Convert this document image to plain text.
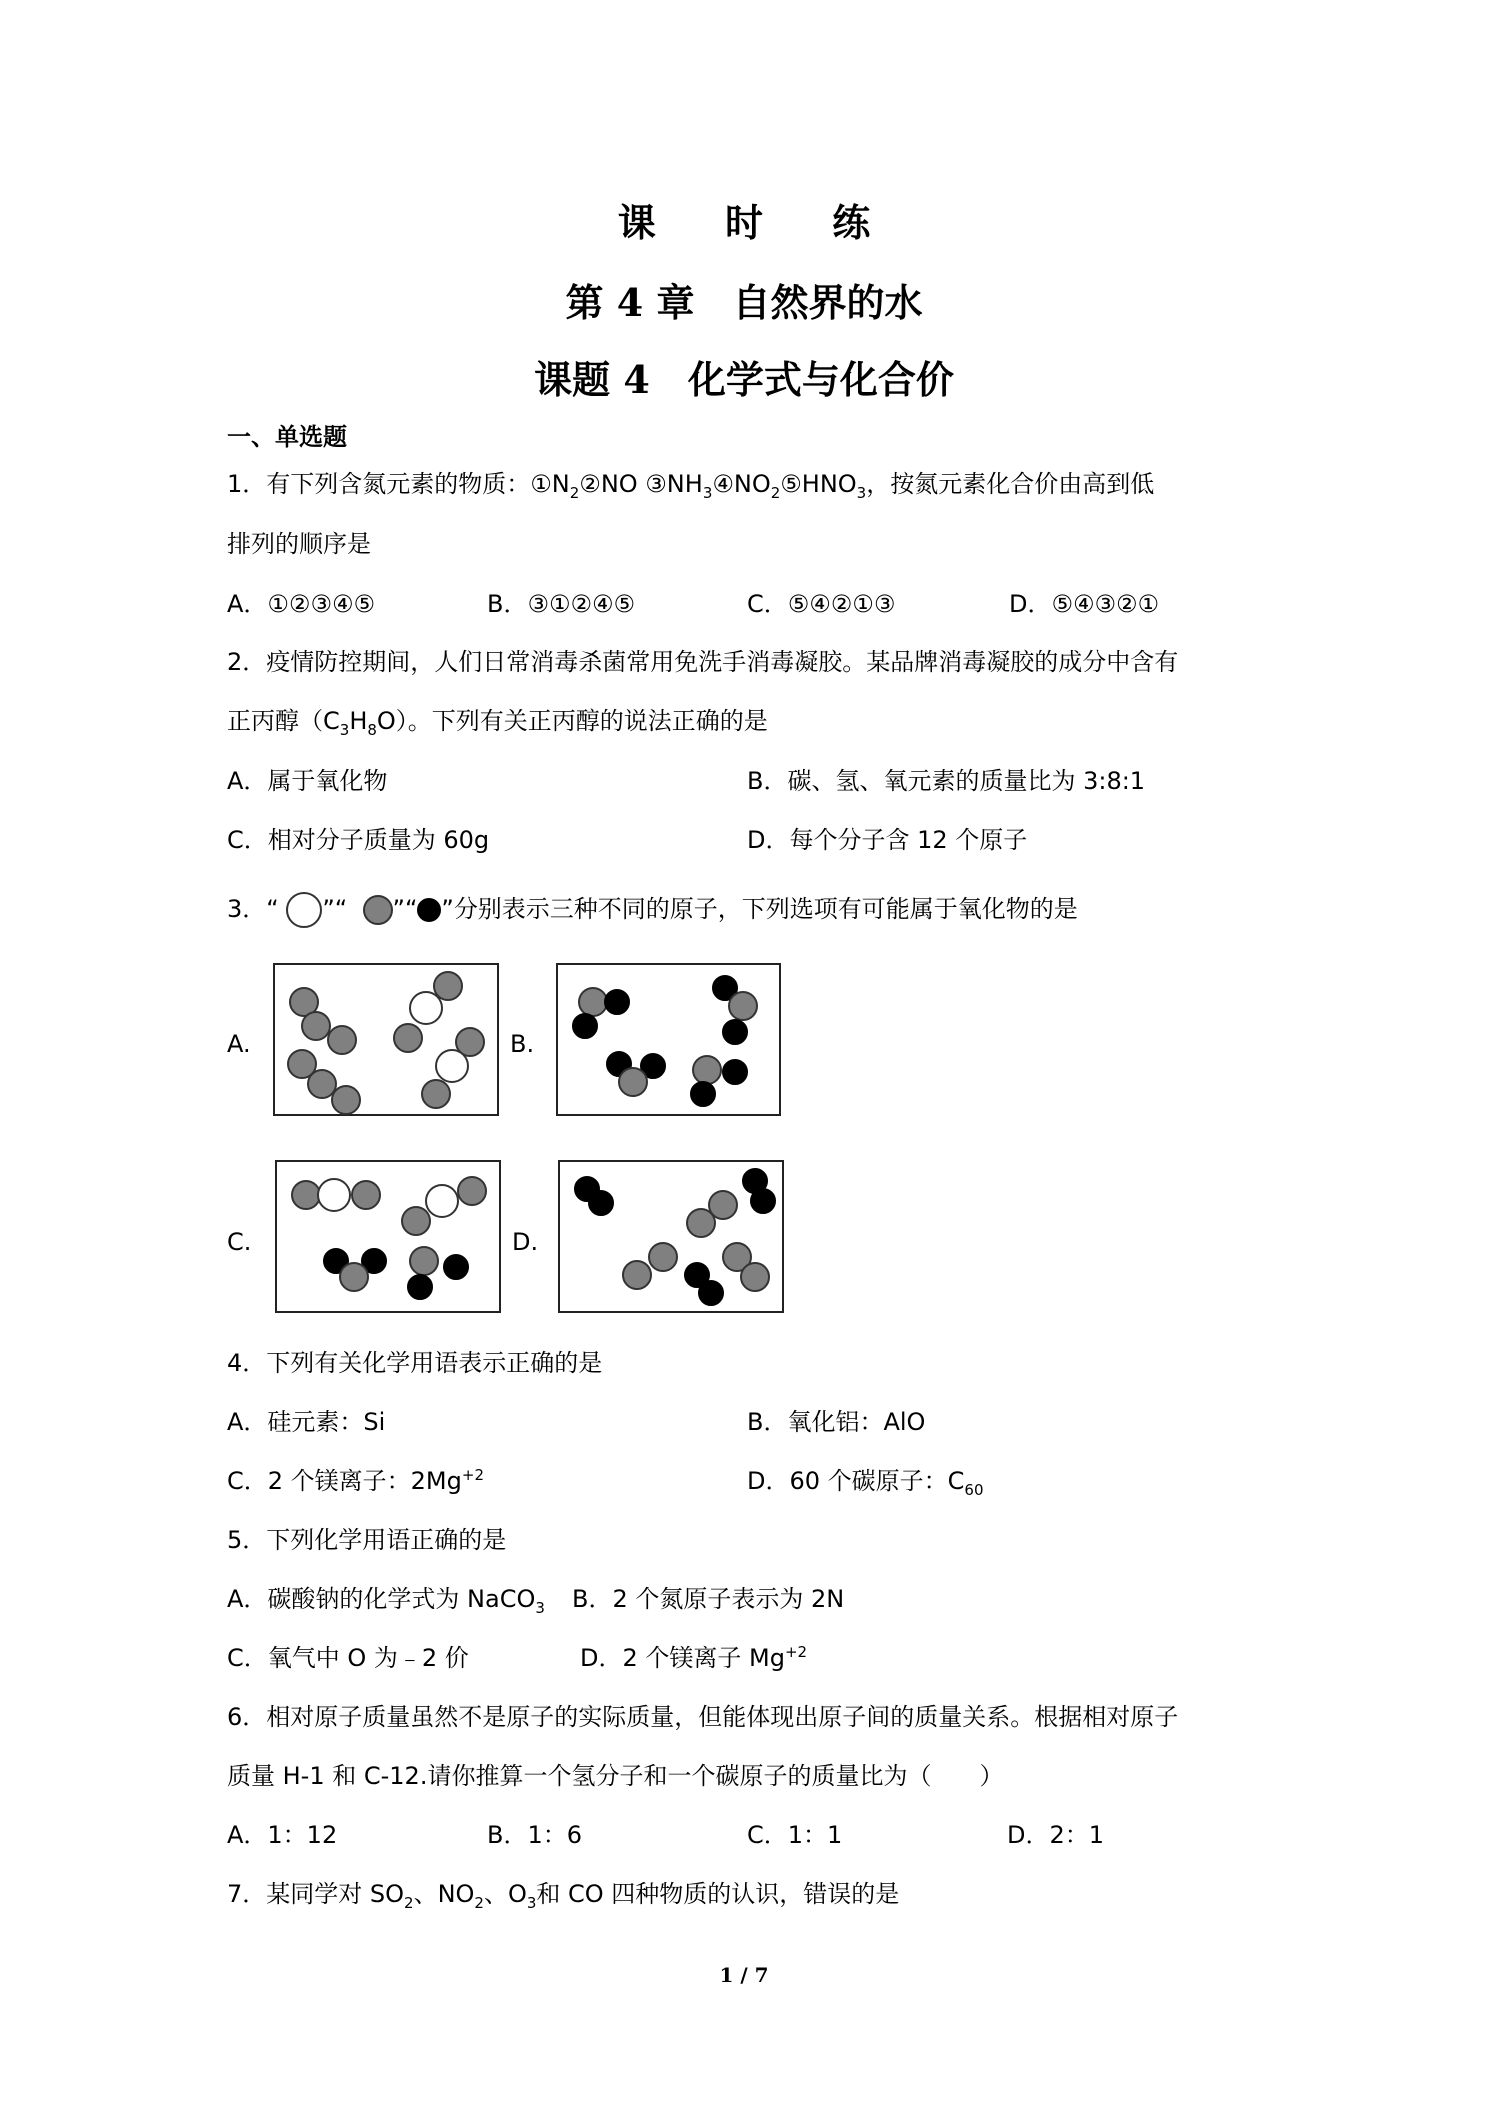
课 时 练
第 4 章　自然界的水
课题 4　化学式与化合价
一、单选题
1．有下列含氮元素的物质：$①N_2②NO$ $③NH_3④NO_2⑤HNO_3$，按氮元素化合价由高到低
排列的顺序是
A．①②③④⑤	B．③①②④⑤	C．⑤④②①③	D．⑤④③②①
2．疫情防控期间，人们日常消毒杀菌常用免洗手消毒凝胶。某品牌消毒凝胶的成分中含有
正丙醇$(C_3H_8O)$。下列有关正丙醇的说法正确的是
A．属于氧化物	B．碳、氢、氧元素的质量比为 3:8:1
C．相对分子质量为 60g	D．每个分子含 12 个原子
3．“ ”“ ”“ ”分别表示三种不同的原子，下列选项有可能属于氧化物的是
A.	B.
C.	D.
4．下列有关化学用语表示正确的是
A．硅元素：Si	B．氧化铝：AlO
C．2 个镁离子：$2Mg^{+2}$	D．60 个碳原子：$C_{60}$
5．下列化学用语正确的是
A．碳酸钠的化学式为 NaCO$_3$ B．2 个氮原子表示为 2N
C．氧气中 O 为﹣2 价	D．2 个镁离子 $Mg^{+2}$
6．相对原子质量虽然不是原子的实际质量，但能体现出原子间的质量关系。根据相对原子
质量 H-1 和 C-12.请你推算一个氢分子和一个碳原子的质量比为（　　）
A．1：12	B．1：6	C．1：1	D．2：1
7．某同学对 $SO_2$、$NO_2$、$O_3$和 CO 四种物质的认识，错误的是
1 / 7
